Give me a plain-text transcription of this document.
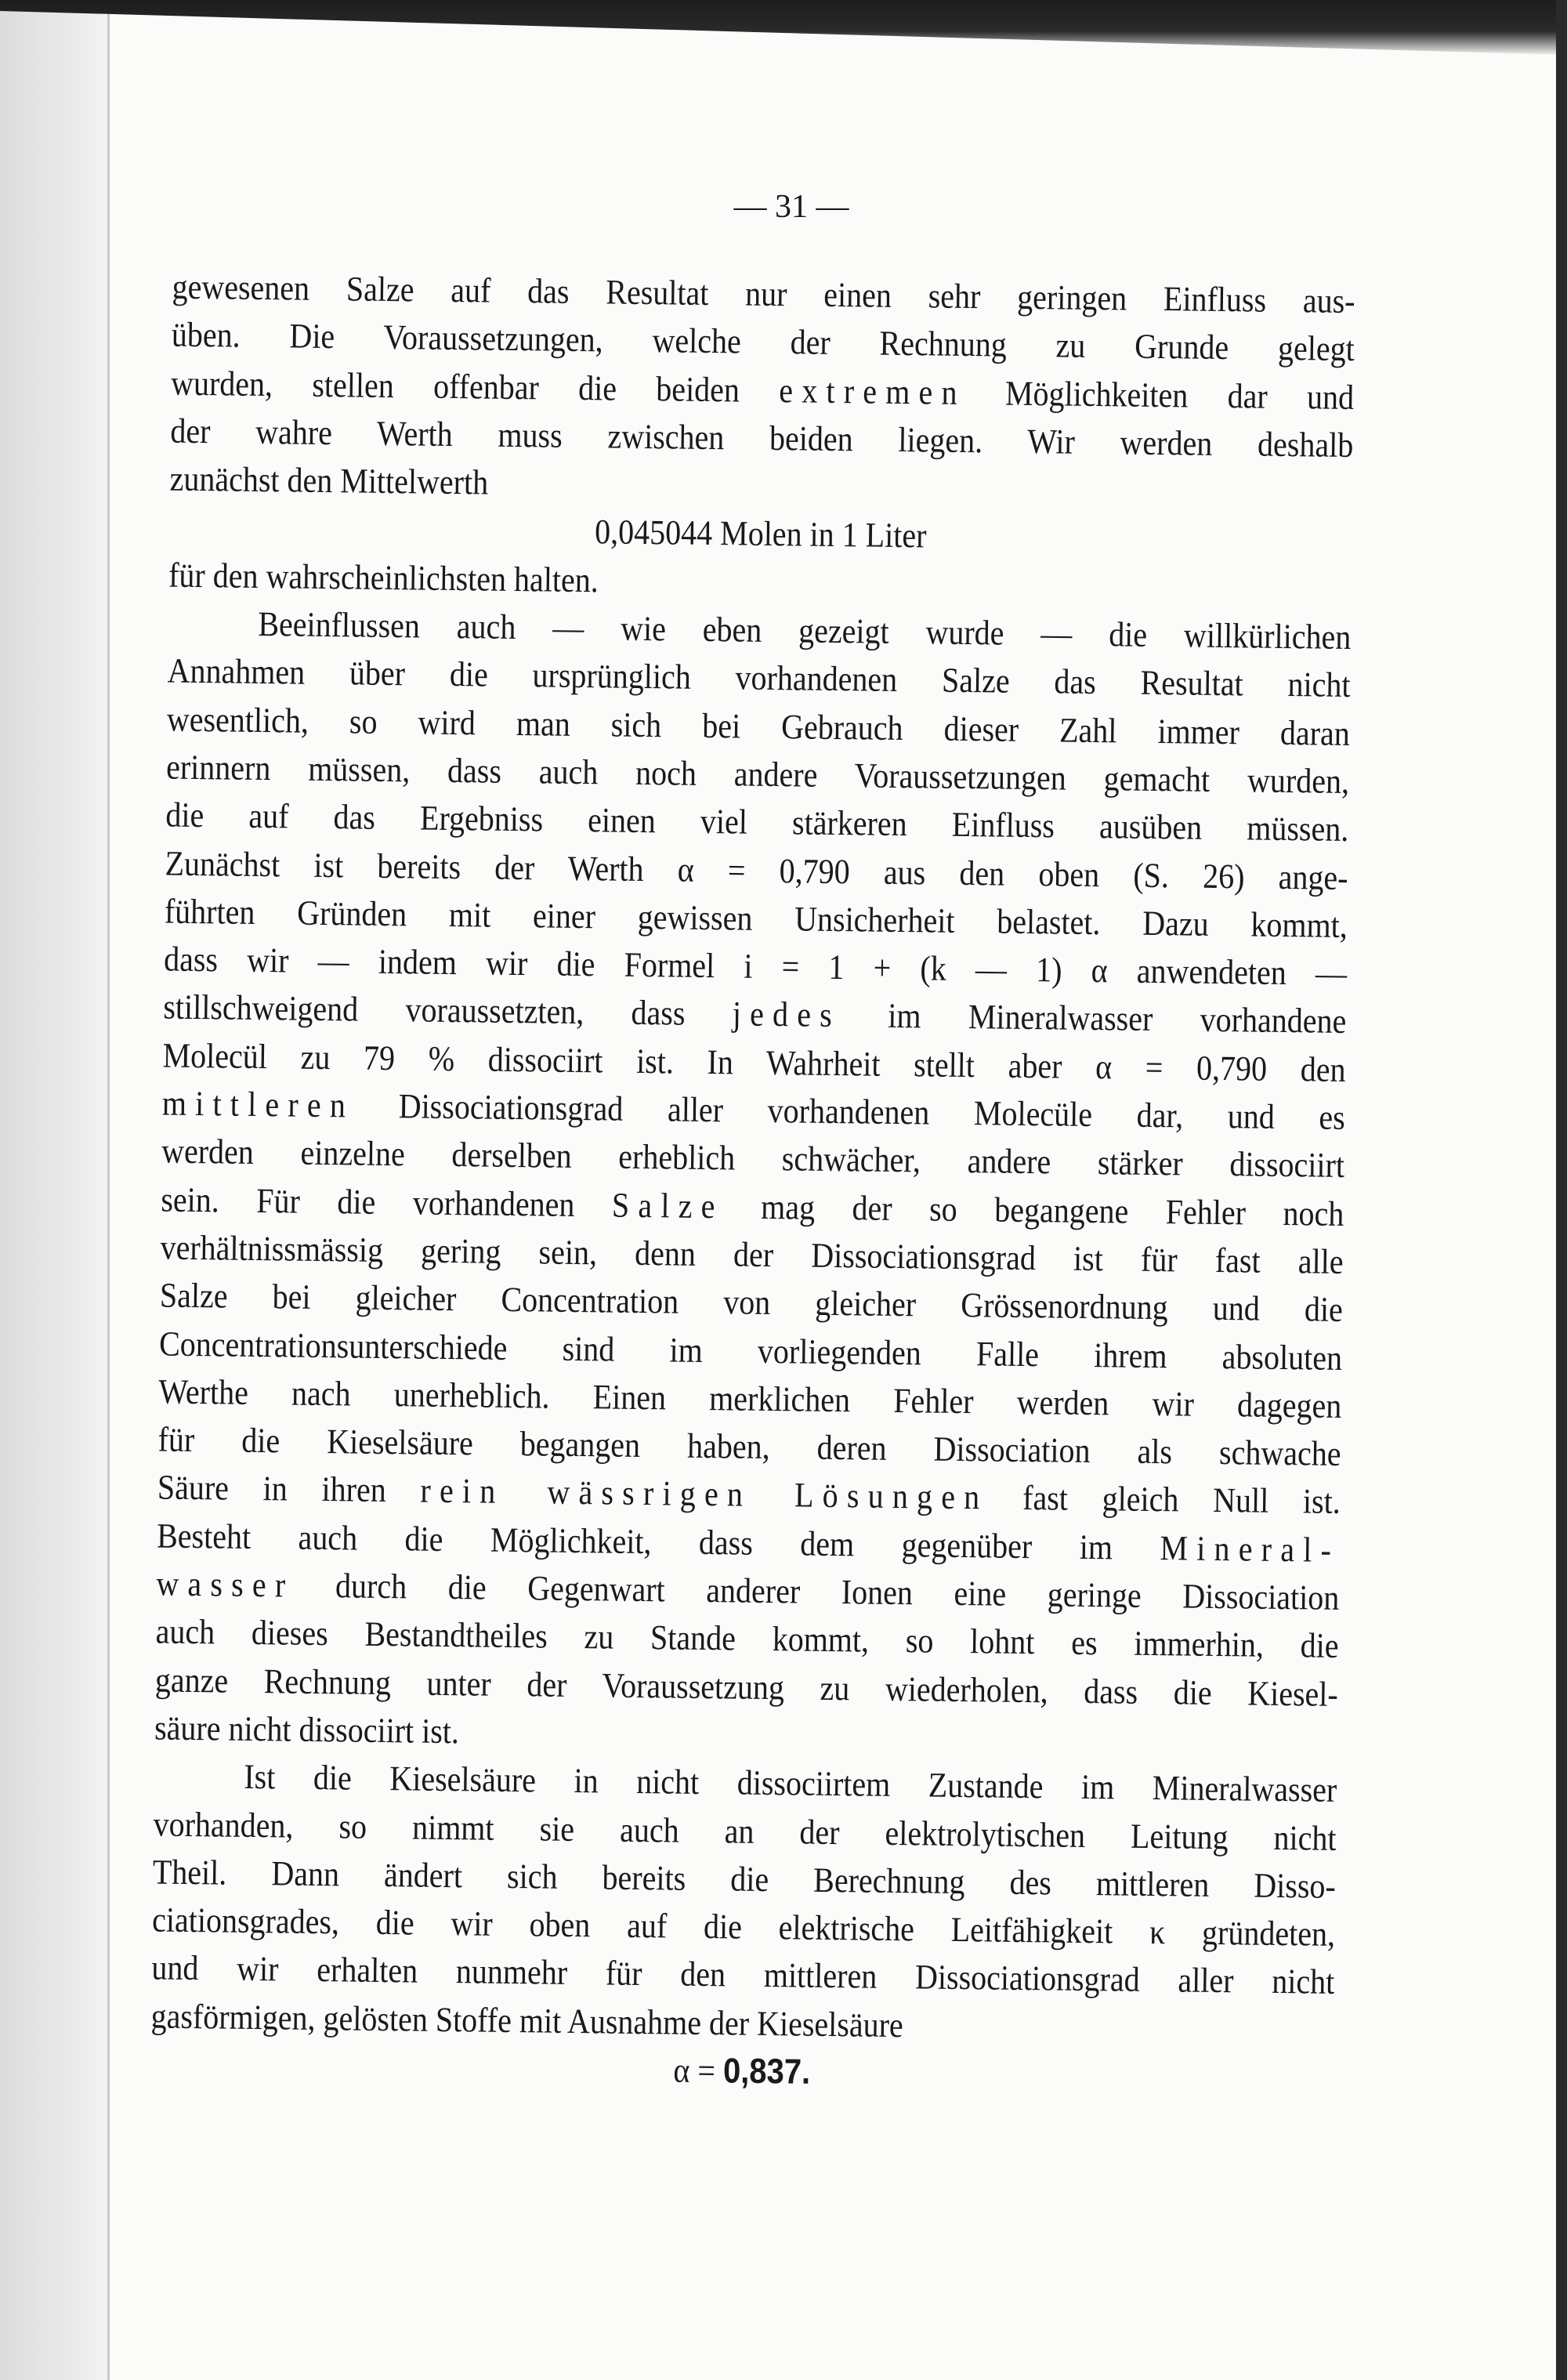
— 31 —
gewesenen Salze auf das Resultat nur einen sehr geringen Einfluss aus-
üben. Die Voraussetzungen, welche der Rechnung zu Grunde gelegt
wurden, stellen offenbar die beiden extremen Möglichkeiten dar und
der wahre Werth muss zwischen beiden liegen. Wir werden deshalb
zunächst den Mittelwerth
0,045044 Molen in 1 Liter
für den wahrscheinlichsten halten.
Beeinflussen auch — wie eben gezeigt wurde — die willkürlichen
Annahmen über die ursprünglich vorhandenen Salze das Resultat nicht
wesentlich, so wird man sich bei Gebrauch dieser Zahl immer daran
erinnern müssen, dass auch noch andere Voraussetzungen gemacht wurden,
die auf das Ergebniss einen viel stärkeren Einfluss ausüben müssen.
Zunächst ist bereits der Werth α = 0,790 aus den oben (S. 26) ange-
führten Gründen mit einer gewissen Unsicherheit belastet. Dazu kommt,
dass wir — indem wir die Formel i = 1 + (k — 1) α anwendeten —
stillschweigend voraussetzten, dass jedes im Mineralwasser vorhandene
Molecül zu 79 % dissociirt ist. In Wahrheit stellt aber α = 0,790 den
mittleren Dissociationsgrad aller vorhandenen Molecüle dar, und es
werden einzelne derselben erheblich schwächer, andere stärker dissociirt
sein. Für die vorhandenen Salze mag der so begangene Fehler noch
verhältnissmässig gering sein, denn der Dissociationsgrad ist für fast alle
Salze bei gleicher Concentration von gleicher Grössenordnung und die
Concentrationsunterschiede sind im vorliegenden Falle ihrem absoluten
Werthe nach unerheblich. Einen merklichen Fehler werden wir dagegen
für die Kieselsäure begangen haben, deren Dissociation als schwache
Säure in ihren rein wässrigen Lösungen fast gleich Null ist.
Besteht auch die Möglichkeit, dass dem gegenüber im Mineral-
wasser durch die Gegenwart anderer Ionen eine geringe Dissociation
auch dieses Bestandtheiles zu Stande kommt, so lohnt es immerhin, die
ganze Rechnung unter der Voraussetzung zu wiederholen, dass die Kiesel-
säure nicht dissociirt ist.
Ist die Kieselsäure in nicht dissociirtem Zustande im Mineralwasser
vorhanden, so nimmt sie auch an der elektrolytischen Leitung nicht
Theil. Dann ändert sich bereits die Berechnung des mittleren Disso-
ciationsgrades, die wir oben auf die elektrische Leitfähigkeit κ gründeten,
und wir erhalten nunmehr für den mittleren Dissociationsgrad aller nicht
gasförmigen, gelösten Stoffe mit Ausnahme der Kieselsäure
α = 0,837.
